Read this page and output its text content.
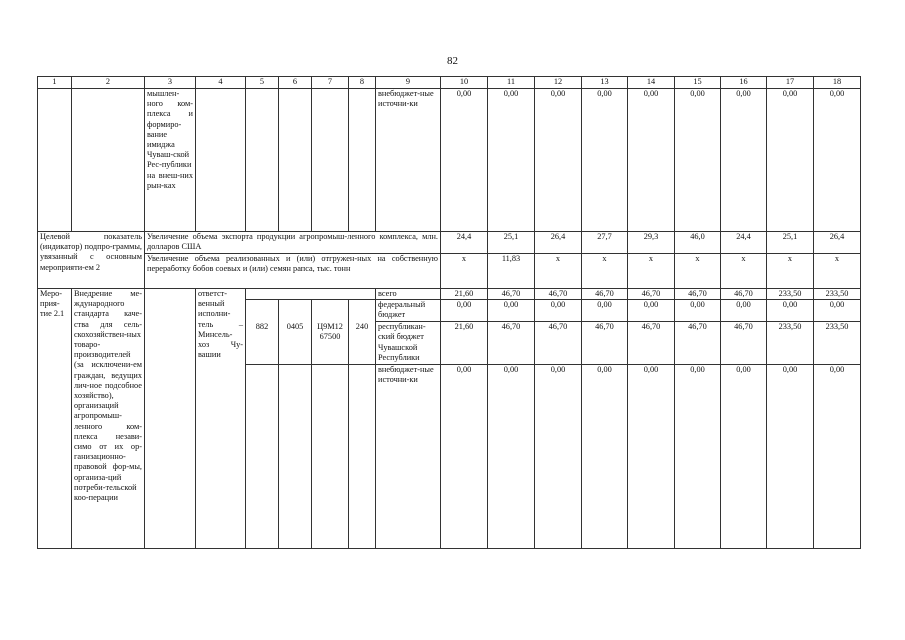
82
1	2	3	4	5	6	7	8	9	10	11	12	13	14	15	16	17	18
		мышлен-ного ком-плекса и формиро-вание имиджа Чуваш-ской Рес-публики на внеш-них рын-ках						внебюджет-ные источни-ки	0,00	0,00	0,00	0,00	0,00	0,00	0,00	0,00	0,00
Целевой показатель (индикатор) подпро-граммы, увязанный с основным мероприяти-ем 2		Увеличение объема экспорта продукции агропромыш-ленного комплекса, млн. долларов США							24,4	25,1	26,4	27,7	29,3	46,0	24,4	25,1	26,4
		Увеличение объема реализованных и (или) отгружен-ных на собственную переработку бобов соевых и (или) семян рапса, тыс. тонн							x	11,83	x	x	x	x	x	x	x
Меро-прия-тие 2.1	Внедрение ме-ждународного стандарта каче-ства для сель-скохозяйствен-ных товаро-производителей (за исключени-ем граждан, ведущих лич-ное подсобное хозяйство), организаций агропромыш-ленного ком-плекса незави-симо от их ор-ганизационно-правовой фор-мы, организа-ций потреби-тельской коо-перации		ответст-венный исполни-тель – Минсель-хоз Чу-вашии					всего	21,60	46,70	46,70	46,70	46,70	46,70	46,70	233,50	233,50
								федеральный бюджет	0,00	0,00	0,00	0,00	0,00	0,00	0,00	0,00	0,00
				882	0405	Ц9М12 67500	240	республикан-ский бюджет Чувашской Республики	21,60	46,70	46,70	46,70	46,70	46,70	46,70	233,50	233,50
								внебюджет-ные источни-ки	0,00	0,00	0,00	0,00	0,00	0,00	0,00	0,00	0,00
